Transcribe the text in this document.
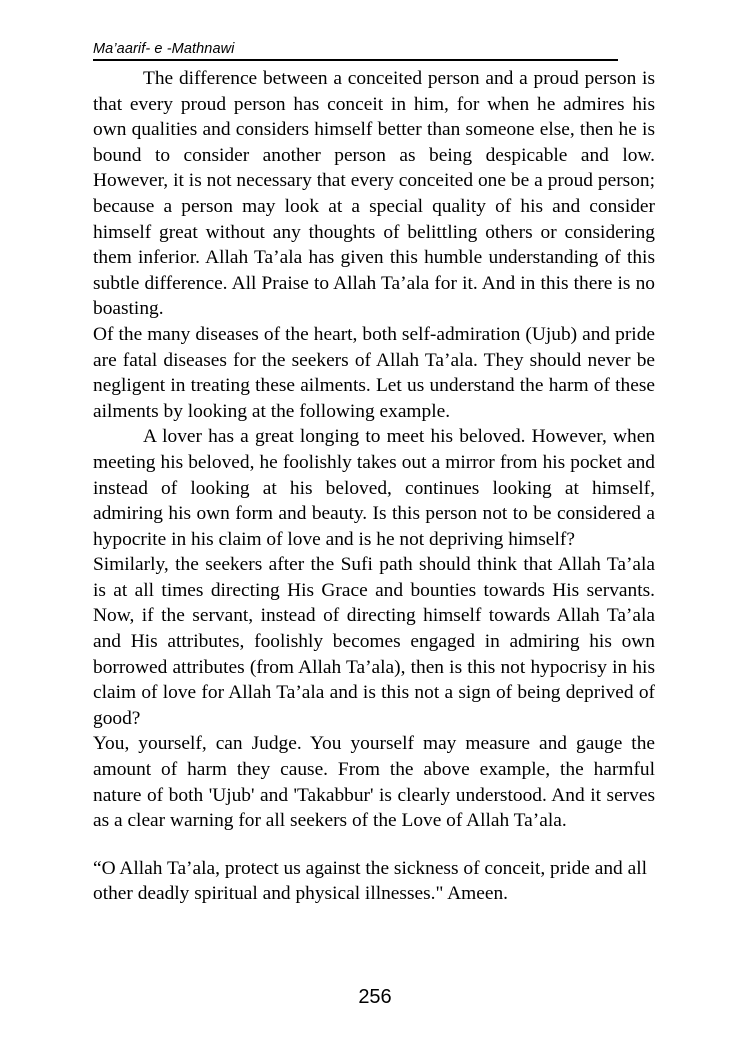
Ma’aarif- e -Mathnawi

The difference between a conceited person and a proud person is that every proud person has conceit in him, for when he admires his own qualities and considers himself better than someone else, then he is bound to consider another person as being despicable and low. However, it is not necessary that every conceited one be a proud person; because a person may look at a special quality of his and consider himself great without any thoughts of belittling others or considering them inferior. Allah Ta’ala has given this humble understanding of this subtle difference. All Praise to Allah Ta’ala for it. And in this there is no boasting.

Of the many diseases of the heart, both self-admiration (Ujub) and pride are fatal diseases for the seekers of Allah Ta’ala. They should never be negligent in treating these ailments. Let us understand the harm of these ailments by looking at the following example.

A lover has a great longing to meet his beloved. However, when meeting his beloved, he foolishly takes out a mirror from his pocket and instead of looking at his beloved, continues looking at himself, admiring his own form and beauty. Is this person not to be considered a hypocrite in his claim of love and is he not depriving himself?

Similarly, the seekers after the Sufi path should think that Allah Ta’ala is at all times directing His Grace and bounties towards His servants. Now, if the servant, instead of directing himself towards Allah Ta’ala and His attributes, foolishly becomes engaged in admiring his own borrowed attributes (from Allah Ta’ala), then is this not hypocrisy in his claim of love for Allah Ta’ala and is this not a sign of being deprived of good?

You, yourself, can Judge. You yourself may measure and gauge the amount of harm they cause. From the above example, the harmful nature of both 'Ujub' and 'Takabbur' is clearly understood. And it serves as a clear warning for all seekers of the Love of Allah Ta’ala.

“O Allah Ta’ala, protect us against the sickness of conceit, pride and all other deadly spiritual and physical illnesses." Ameen.

256
